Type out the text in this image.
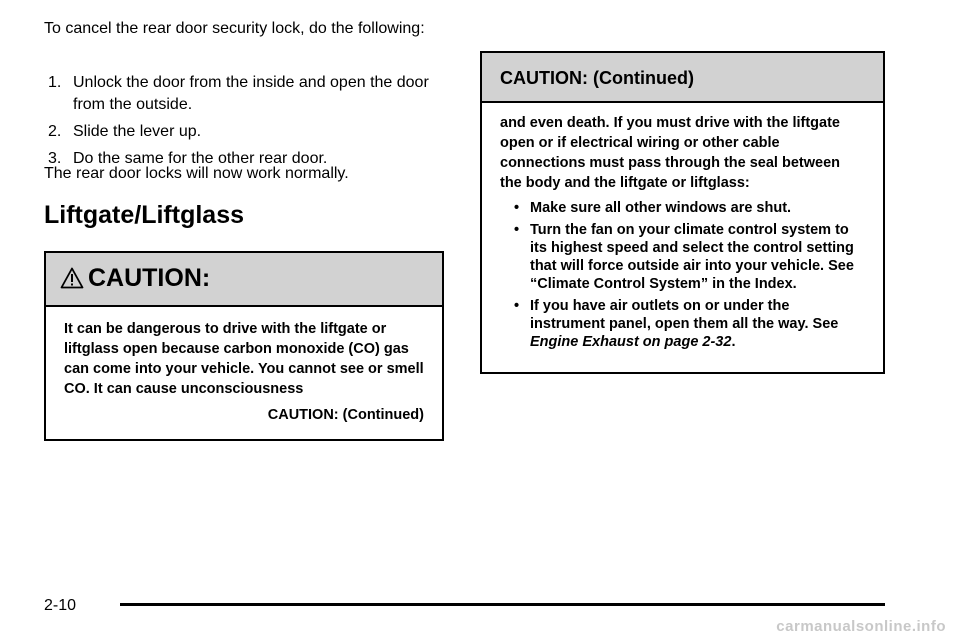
To cancel the rear door security lock, do the following:

1. Unlock the door from the inside and open the door from the outside.
2. Slide the lever up.
3. Do the same for the other rear door.

The rear door locks will now work normally.

Liftgate/Liftglass
CAUTION:

It can be dangerous to drive with the liftgate or liftglass open because carbon monoxide (CO) gas can come into your vehicle. You cannot see or smell CO. It can cause unconsciousness

CAUTION: (Continued)

CAUTION: (Continued)

and even death. If you must drive with the liftgate open or if electrical wiring or other cable connections must pass through the seal between the body and the liftgate or liftglass:

• Make sure all other windows are shut.
• Turn the fan on your climate control system to its highest speed and select the control setting that will force outside air into your vehicle. See “Climate Control System” in the Index.
• If you have air outlets on or under the instrument panel, open them all the way. See Engine Exhaust on page 2-32.
2-10
carmanualsonline.info
